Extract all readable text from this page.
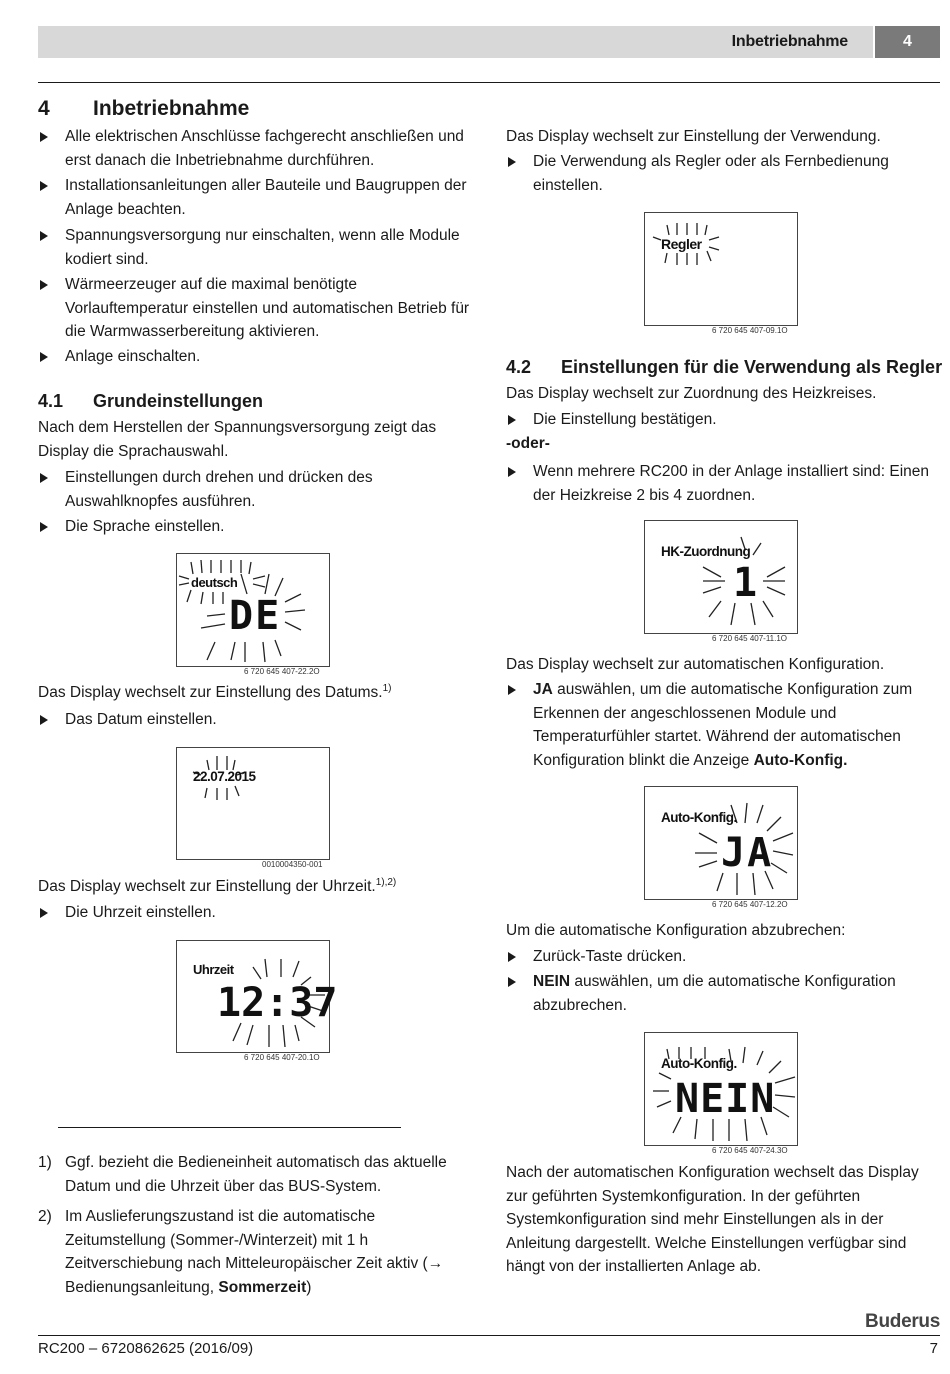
Inbetriebnahme	4
4 Inbetriebnahme
Alle elektrischen Anschlüsse fachgerecht anschließen und erst danach die Inbetriebnahme durchführen.
Installationsanleitungen aller Bauteile und Baugruppen der Anlage beachten.
Spannungsversorgung nur einschalten, wenn alle Module kodiert sind.
Wärmeerzeuger auf die maximal benötigte Vorlauftemperatur einstellen und automatischen Betrieb für die Warmwasserbereitung aktivieren.
Anlage einschalten.
4.1 Grundeinstellungen
Nach dem Herstellen der Spannungsversorgung zeigt das Display die Sprachauswahl.
Einstellungen durch drehen und drücken des Auswahlknopfes ausführen.
Die Sprache einstellen.
deutsch
DE
6 720 645 407-22.2O
Das Display wechselt zur Einstellung des Datums.$^{1)}$
Das Datum einstellen.
22.07.2015
0010004350-001
Das Display wechselt zur Einstellung der Uhrzeit.$^{1),2)}$
Die Uhrzeit einstellen.
Uhrzeit
12:37
6 720 645 407-20.1O
1) Ggf. bezieht die Bedieneinheit automatisch das aktuelle Datum und die Uhrzeit über das BUS-System.
2) Im Auslieferungszustand ist die automatische Zeitumstellung (Sommer-/Winterzeit) mit 1 h Zeitverschiebung nach Mitteleuropäischer Zeit aktiv (→ Bedienungsanleitung, Sommerzeit)
Das Display wechselt zur Einstellung der Verwendung.
Die Verwendung als Regler oder als Fernbedienung einstellen.
Regler
6 720 645 407-09.1O
4.2 Einstellungen für die Verwendung als Regler
Das Display wechselt zur Zuordnung des Heizkreises.
Die Einstellung bestätigen.
-oder-
Wenn mehrere RC200 in der Anlage installiert sind: Einen der Heizkreise 2 bis 4 zuordnen.
HK-Zuordnung
1
6 720 645 407-11.1O
Das Display wechselt zur automatischen Konfiguration.
JA auswählen, um die automatische Konfiguration zum Erkennen der angeschlossenen Module und Temperaturfühler startet. Während der automatischen Konfiguration blinkt die Anzeige Auto-Konfig.
Auto-Konfig.
JA
6 720 645 407-12.2O
Um die automatische Konfiguration abzubrechen:
Zurück-Taste drücken.
NEIN auswählen, um die automatische Konfiguration abzubrechen.
Auto-Konfig.
NEIN
6 720 645 407-24.3O
Nach der automatischen Konfiguration wechselt das Display zur geführten Systemkonfiguration. In der geführten Systemkonfiguration sind mehr Einstellungen als in der Anleitung dargestellt. Welche Einstellungen verfügbar sind hängt von der installierten Anlage ab.
Buderus
RC200 – 6720862625 (2016/09)	7
